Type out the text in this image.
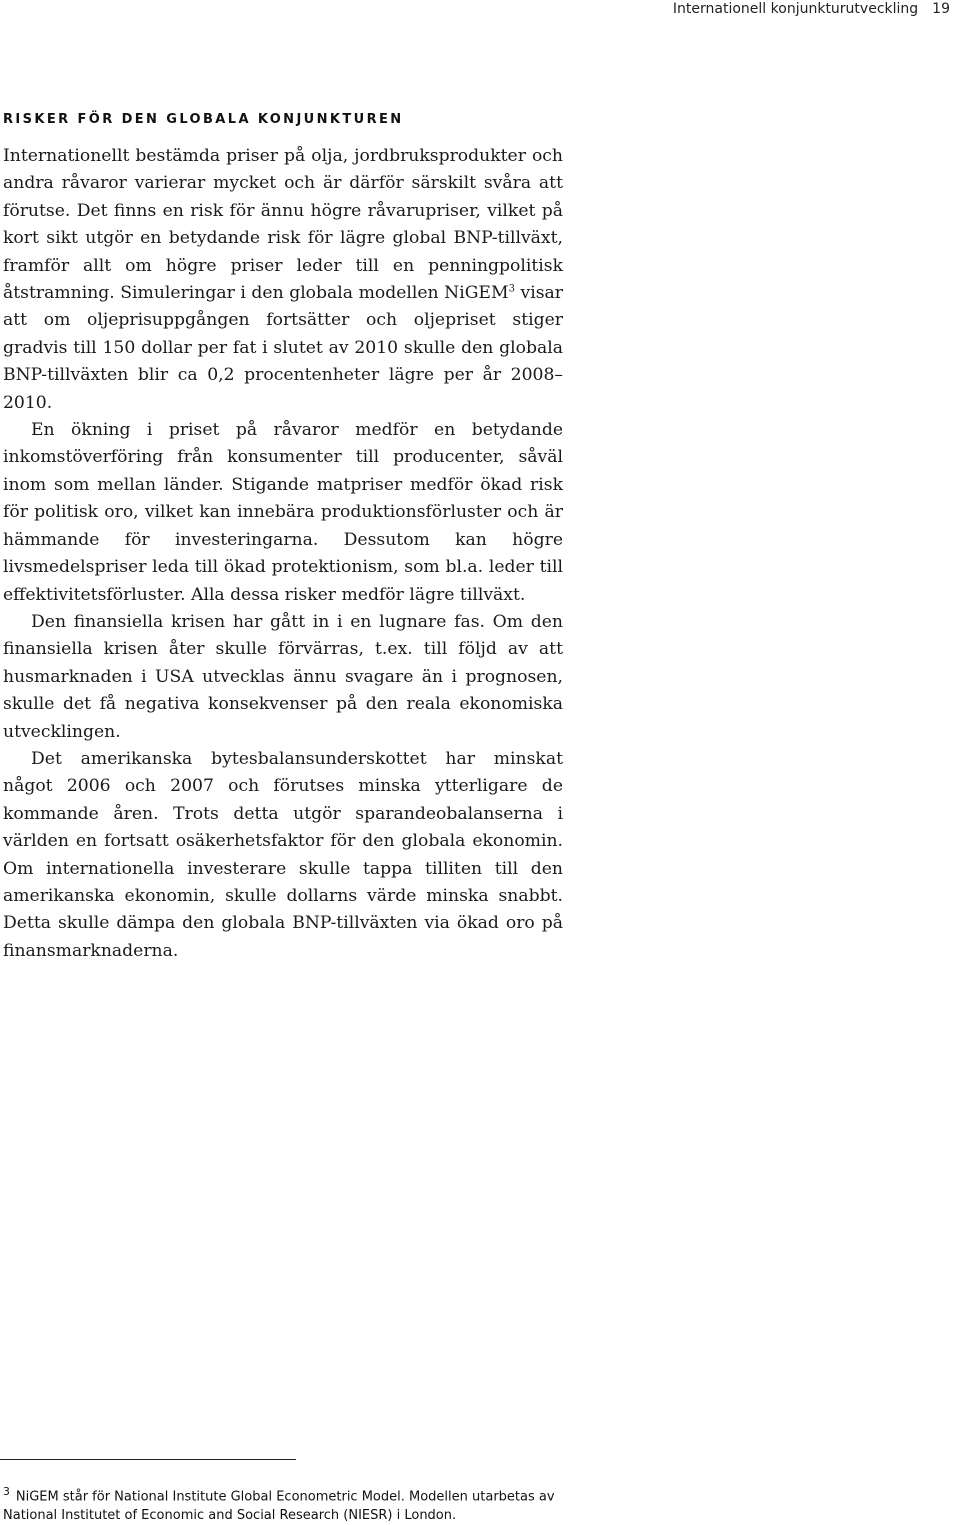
Internationell konjunkturutveckling 19
RISKER FÖR DEN GLOBALA KONJUNKTUREN

Internationellt bestämda priser på olja, jordbruksprodukter och andra råvaror varierar mycket och är därför särskilt svåra att förutse. Det finns en risk för ännu högre råvarupriser, vilket på kort sikt utgör en betydande risk för lägre global BNP-tillväxt, framför allt om högre priser leder till en penningpolitisk åtstramning. Simuleringar i den globala modellen NiGEM$^3$ visar att om oljeprisuppgången fortsätter och oljepriset stiger gradvis till 150 dollar per fat i slutet av 2010 skulle den globala BNP-tillväxten blir ca 0,2 procentenheter lägre per år 2008–2010.

En ökning i priset på råvaror medför en betydande inkomstöverföring från konsumenter till producenter, såväl inom som mellan länder. Stigande matpriser medför ökad risk för politisk oro, vilket kan innebära produktionsförluster och är hämmande för investeringarna. Dessutom kan högre livsmedelspriser leda till ökad protektionism, som bl.a. leder till effektivitetsförluster. Alla dessa risker medför lägre tillväxt.

Den finansiella krisen har gått in i en lugnare fas. Om den finansiella krisen åter skulle förvärras, t.ex. till följd av att husmarknaden i USA utvecklas ännu svagare än i prognosen, skulle det få negativa konsekvenser på den reala ekonomiska utvecklingen.

Det amerikanska bytesbalansunderskottet har minskat något 2006 och 2007 och förutses minska ytterligare de kommande åren. Trots detta utgör sparandeobalanserna i världen en fortsatt osäkerhetsfaktor för den globala ekonomin. Om internationella investerare skulle tappa tilliten till den amerikanska ekonomin, skulle dollarns värde minska snabbt. Detta skulle dämpa den globala BNP-tillväxten via ökad oro på finansmarknaderna.

$^3$ NiGEM står för National Institute Global Econometric Model. Modellen utarbetas av National Institutet of Economic and Social Research (NIESR) i London.
